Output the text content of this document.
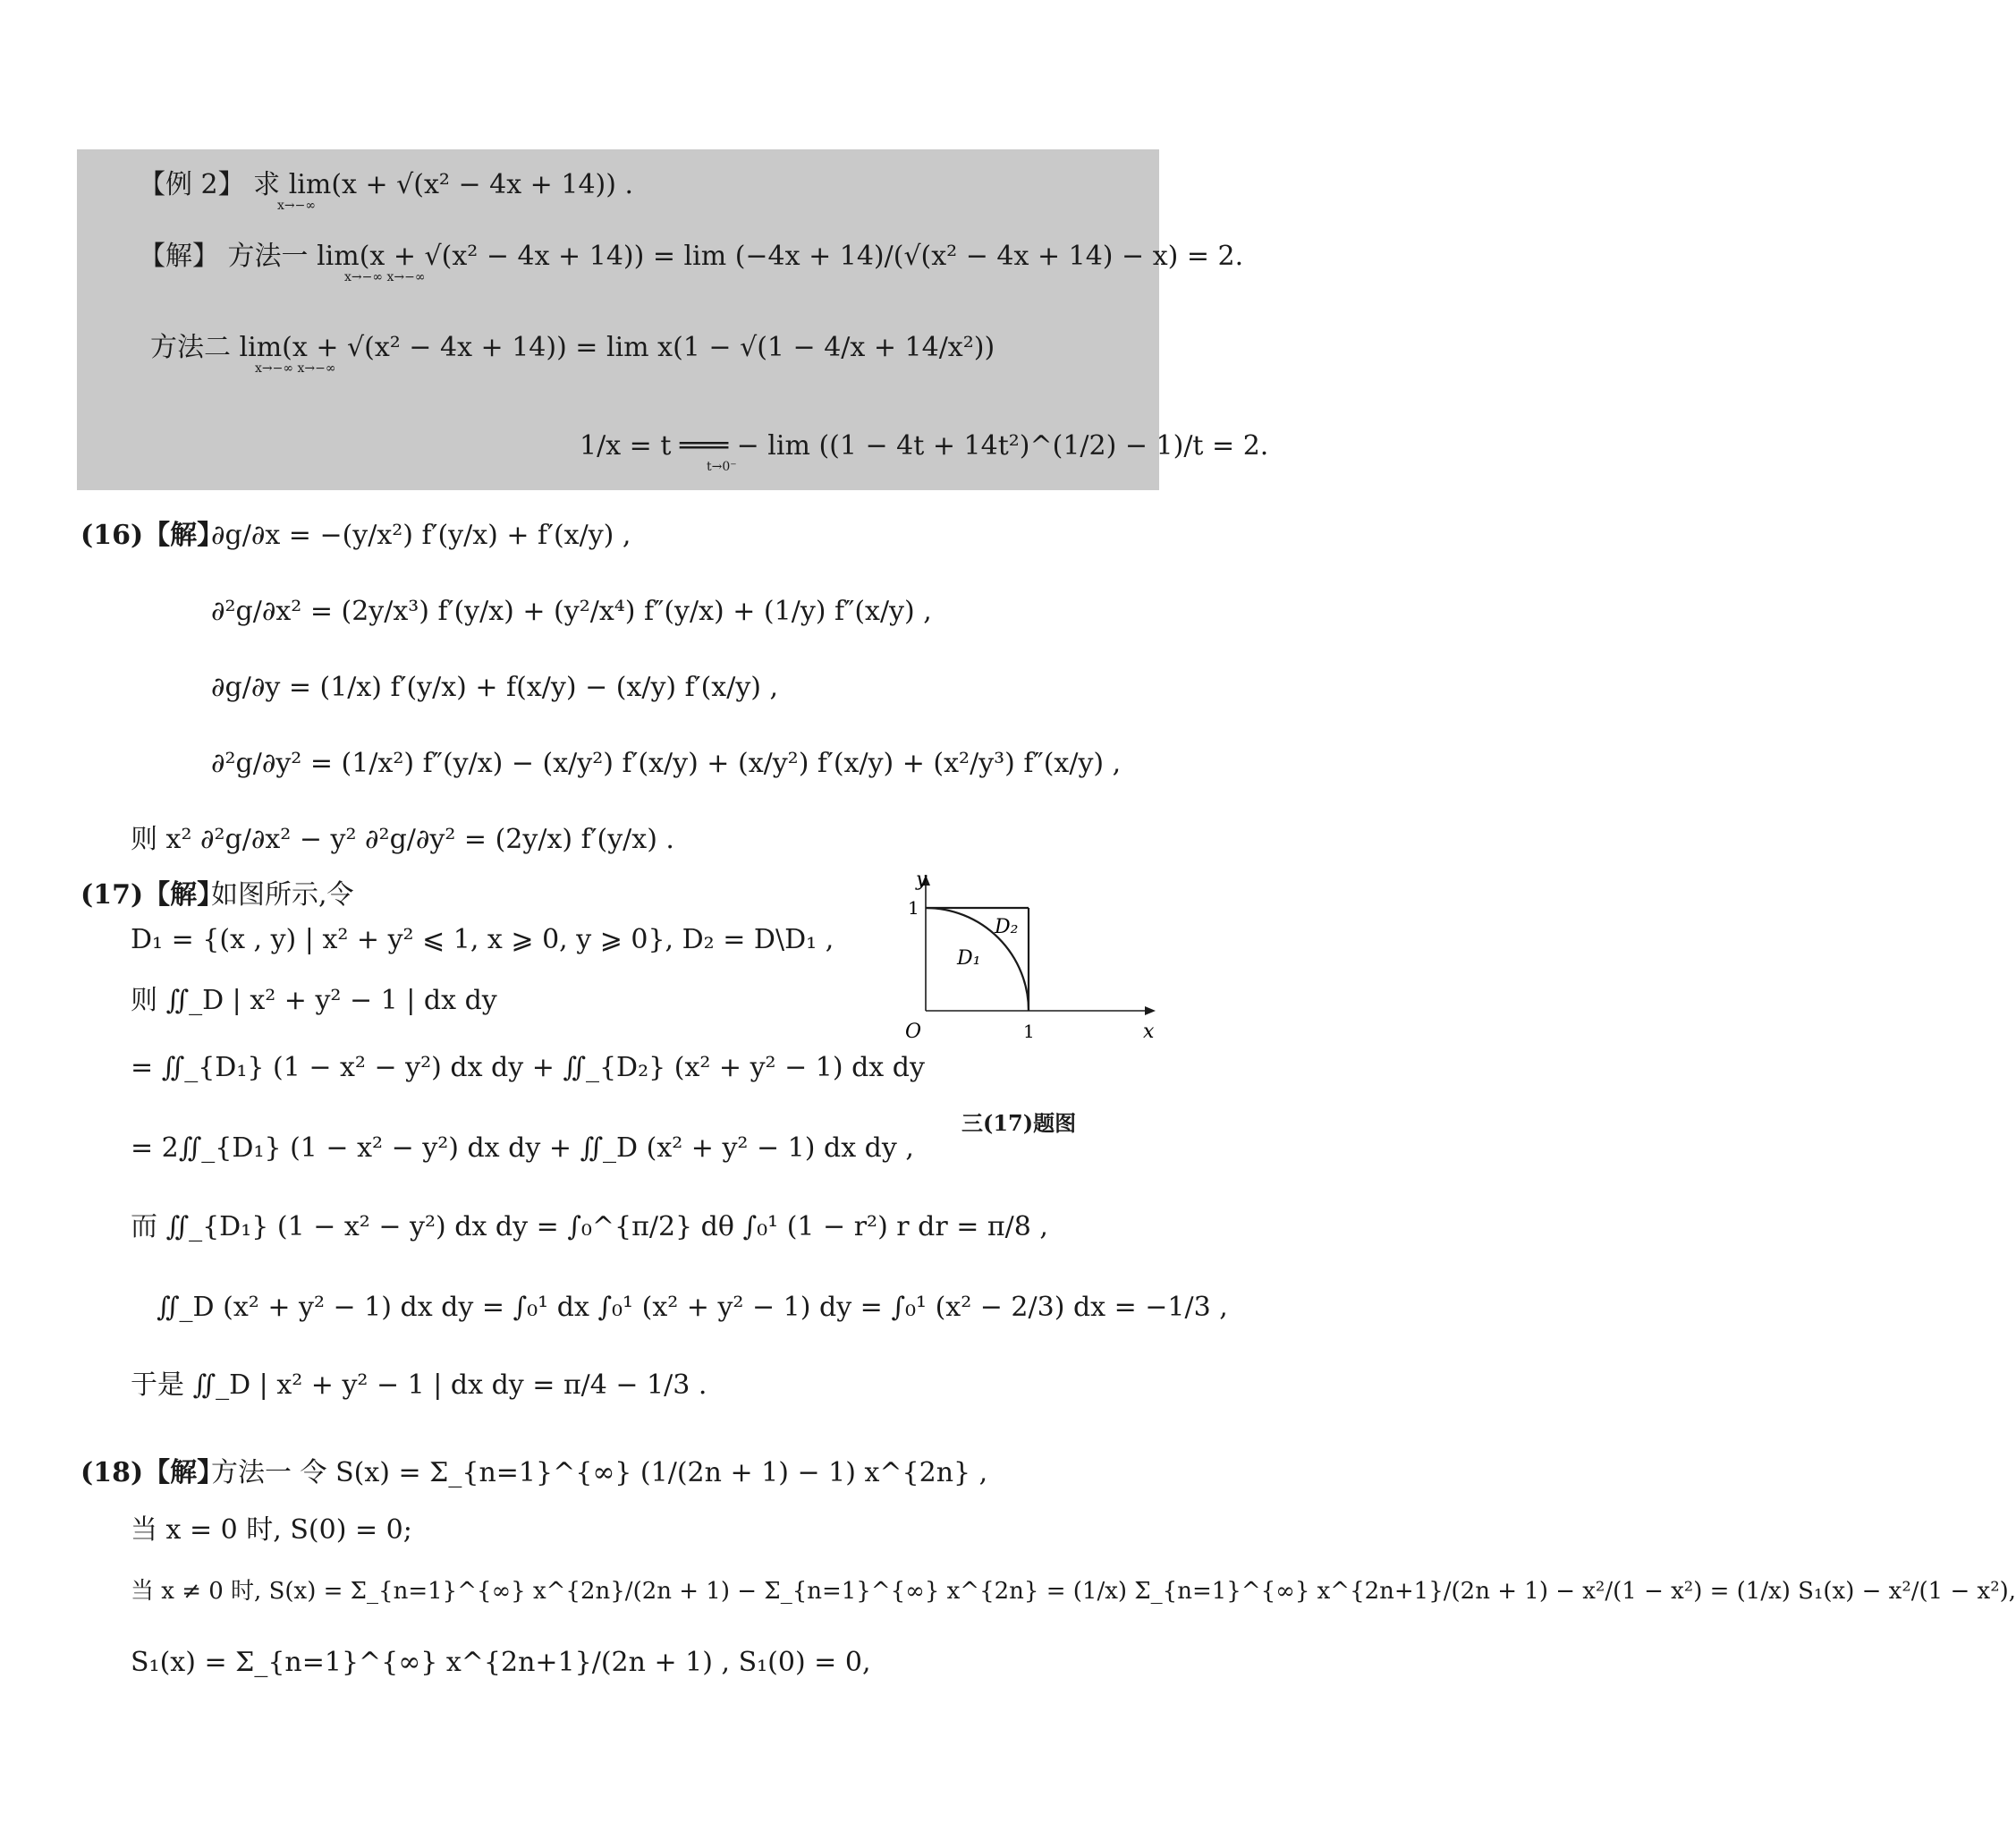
【例 2】 求 lim(x + √(x² − 4x + 14)) .
x→−∞
【解】 方法一 lim(x + √(x² − 4x + 14)) = lim (−4x + 14)/(√(x² − 4x + 14) − x) = 2.
x→−∞ x→−∞
方法二 lim(x + √(x² − 4x + 14)) = lim x(1 − √(1 − 4/x + 14/x²))
x→−∞ x→−∞
1/x = t ═══ − lim ((1 − 4t + 14t²)^(1/2) − 1)/t = 2.
t→0⁻
(16)【解】
∂g/∂x = −(y/x²) f′(y/x) + f′(x/y) ,
∂²g/∂x² = (2y/x³) f′(y/x) + (y²/x⁴) f″(y/x) + (1/y) f″(x/y) ,
∂g/∂y = (1/x) f′(y/x) + f(x/y) − (x/y) f′(x/y) ,
∂²g/∂y² = (1/x²) f″(y/x) − (x/y²) f′(x/y) + (x/y²) f′(x/y) + (x²/y³) f″(x/y) ,
则 x² ∂²g/∂x² − y² ∂²g/∂y² = (2y/x) f′(y/x) .
(17)【解】
如图所示,令
D₁ = {(x , y) | x² + y² ⩽ 1, x ⩾ 0, y ⩾ 0}, D₂ = D\D₁ ,
则 ∬_D | x² + y² − 1 | dx dy
= ∬_{D₁} (1 − x² − y²) dx dy + ∬_{D₂} (x² + y² − 1) dx dy
= 2∬_{D₁} (1 − x² − y²) dx dy + ∬_D (x² + y² − 1) dx dy ,
而 ∬_{D₁} (1 − x² − y²) dx dy = ∫₀^{π/2} dθ ∫₀¹ (1 − r²) r dr = π/8 ,
∬_D (x² + y² − 1) dx dy = ∫₀¹ dx ∫₀¹ (x² + y² − 1) dy = ∫₀¹ (x² − 2/3) dx = −1/3 ,
于是 ∬_D | x² + y² − 1 | dx dy = π/4 − 1/3 .
y
x
O	1
1
D₁
D₂
三(17)题图
(18)【解】
方法一 令 S(x) = Σ_{n=1}^{∞} (1/(2n + 1) − 1) x^{2n} ,
当 x = 0 时, S(0) = 0;
当 x ≠ 0 时, S(x) = Σ_{n=1}^{∞} x^{2n}/(2n + 1) − Σ_{n=1}^{∞} x^{2n} = (1/x) Σ_{n=1}^{∞} x^{2n+1}/(2n + 1) − x²/(1 − x²) = (1/x) S₁(x) − x²/(1 − x²),
S₁(x) = Σ_{n=1}^{∞} x^{2n+1}/(2n + 1) , S₁(0) = 0,
